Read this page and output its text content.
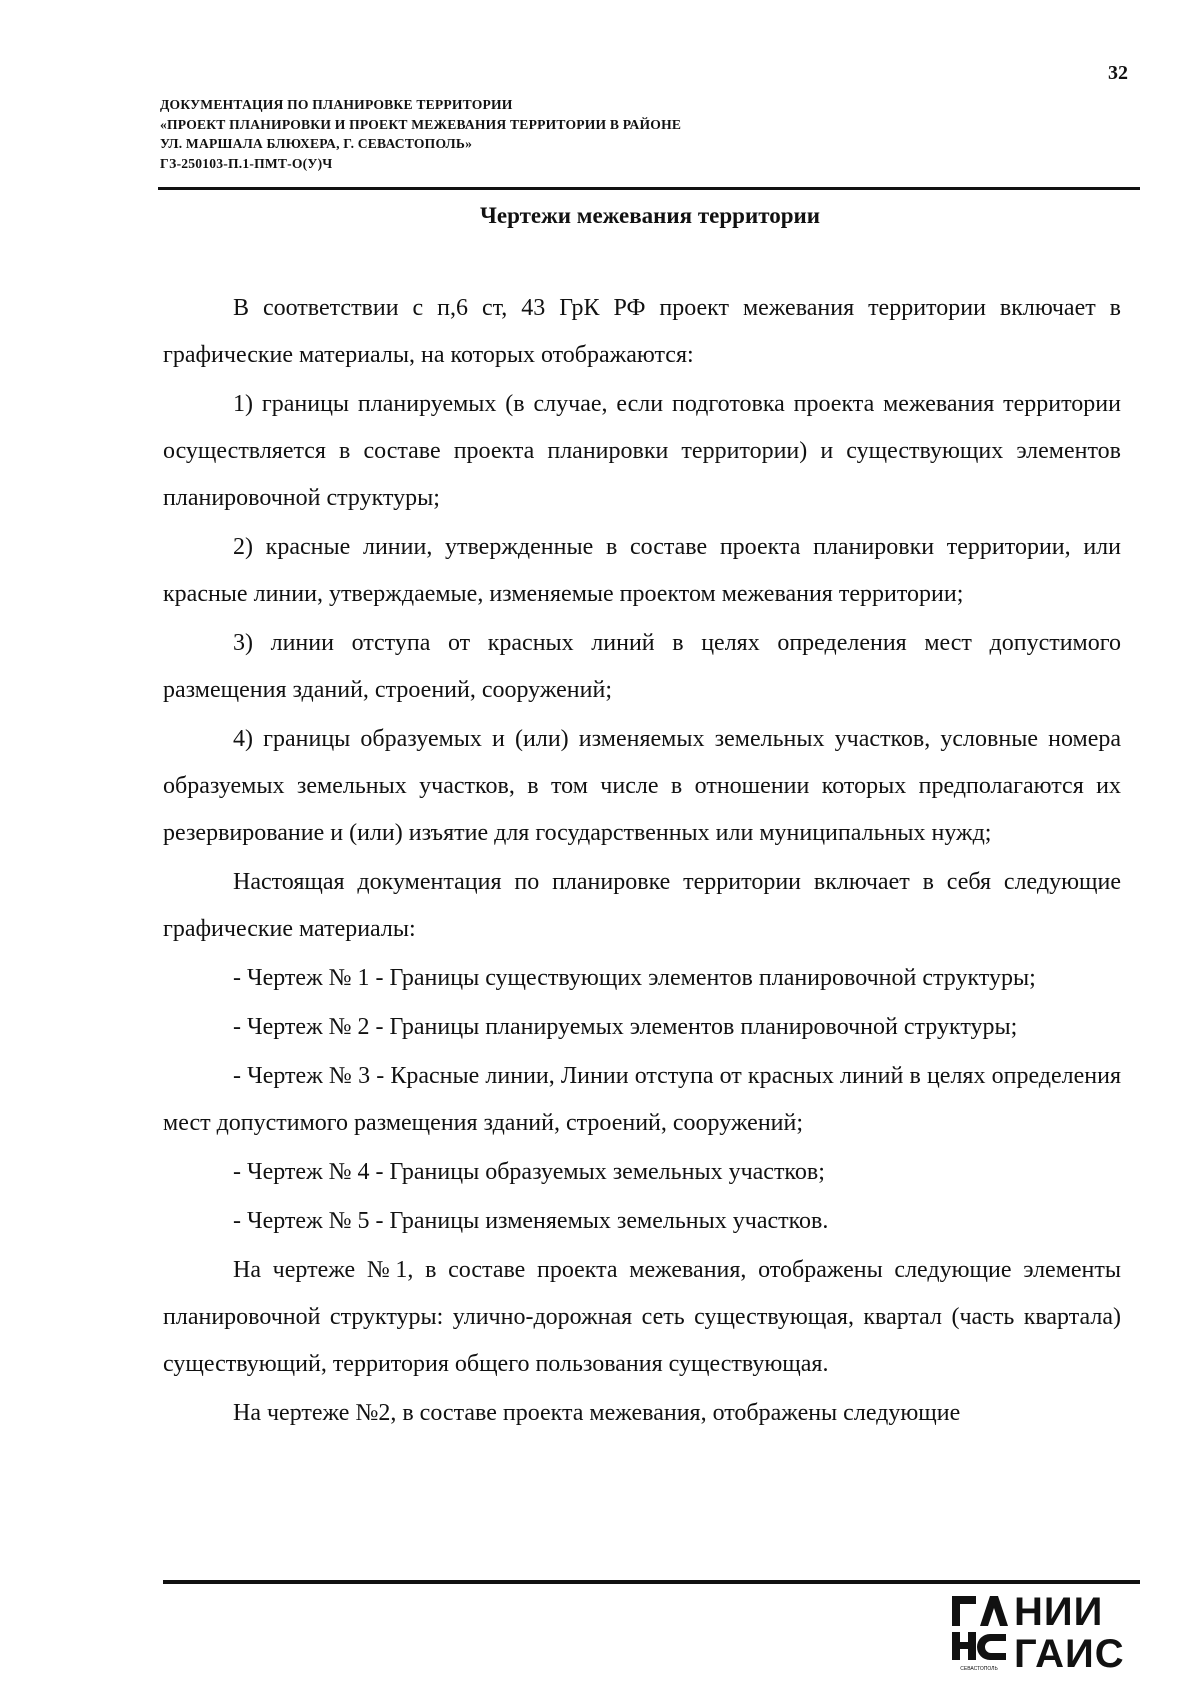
32
ДОКУМЕНТАЦИЯ ПО ПЛАНИРОВКЕ ТЕРРИТОРИИ
«ПРОЕКТ ПЛАНИРОВКИ И ПРОЕКТ МЕЖЕВАНИЯ ТЕРРИТОРИИ В РАЙОНЕ
УЛ. МАРШАЛА БЛЮХЕРА, Г. СЕВАСТОПОЛЬ»
ГЗ-250103-П.1-ПМТ-О(У)Ч
Чертежи межевания территории

В соответствии с п,6 ст, 43 ГрК РФ проект межевания территории включает в графические материалы, на которых отображаются:

1) границы планируемых (в случае, если подготовка проекта межевания территории осуществляется в составе проекта планировки территории) и существующих элементов планировочной структуры;

2) красные линии, утвержденные в составе проекта планировки территории, или красные линии, утверждаемые, изменяемые проектом межевания территории;

3) линии отступа от красных линий в целях определения мест допустимого размещения зданий, строений, сооружений;

4) границы образуемых и (или) изменяемых земельных участков, условные номера образуемых земельных участков, в том числе в отношении которых предполагаются их резервирование и (или) изъятие для государственных или муниципальных нужд;

Настоящая документация по планировке территории включает в себя следующие графические материалы:

- Чертеж № 1 - Границы существующих элементов планировочной структуры;

- Чертеж № 2 - Границы планируемых элементов планировочной структуры;

- Чертеж № 3 - Красные линии, Линии отступа от красных линий в целях определения мест допустимого размещения зданий, строений, сооружений;

- Чертеж № 4 - Границы образуемых земельных участков;

- Чертеж № 5 - Границы изменяемых земельных участков.

На чертеже №1, в составе проекта межевания, отображены следующие элементы планировочной структуры: улично-дорожная сеть существующая, квартал (часть квартала) существующий, территория общего пользования существующая.

На чертеже №2, в составе проекта межевания, отображены следующие

СЕВАСТОПОЛЬ
НИИ
ГАИС
